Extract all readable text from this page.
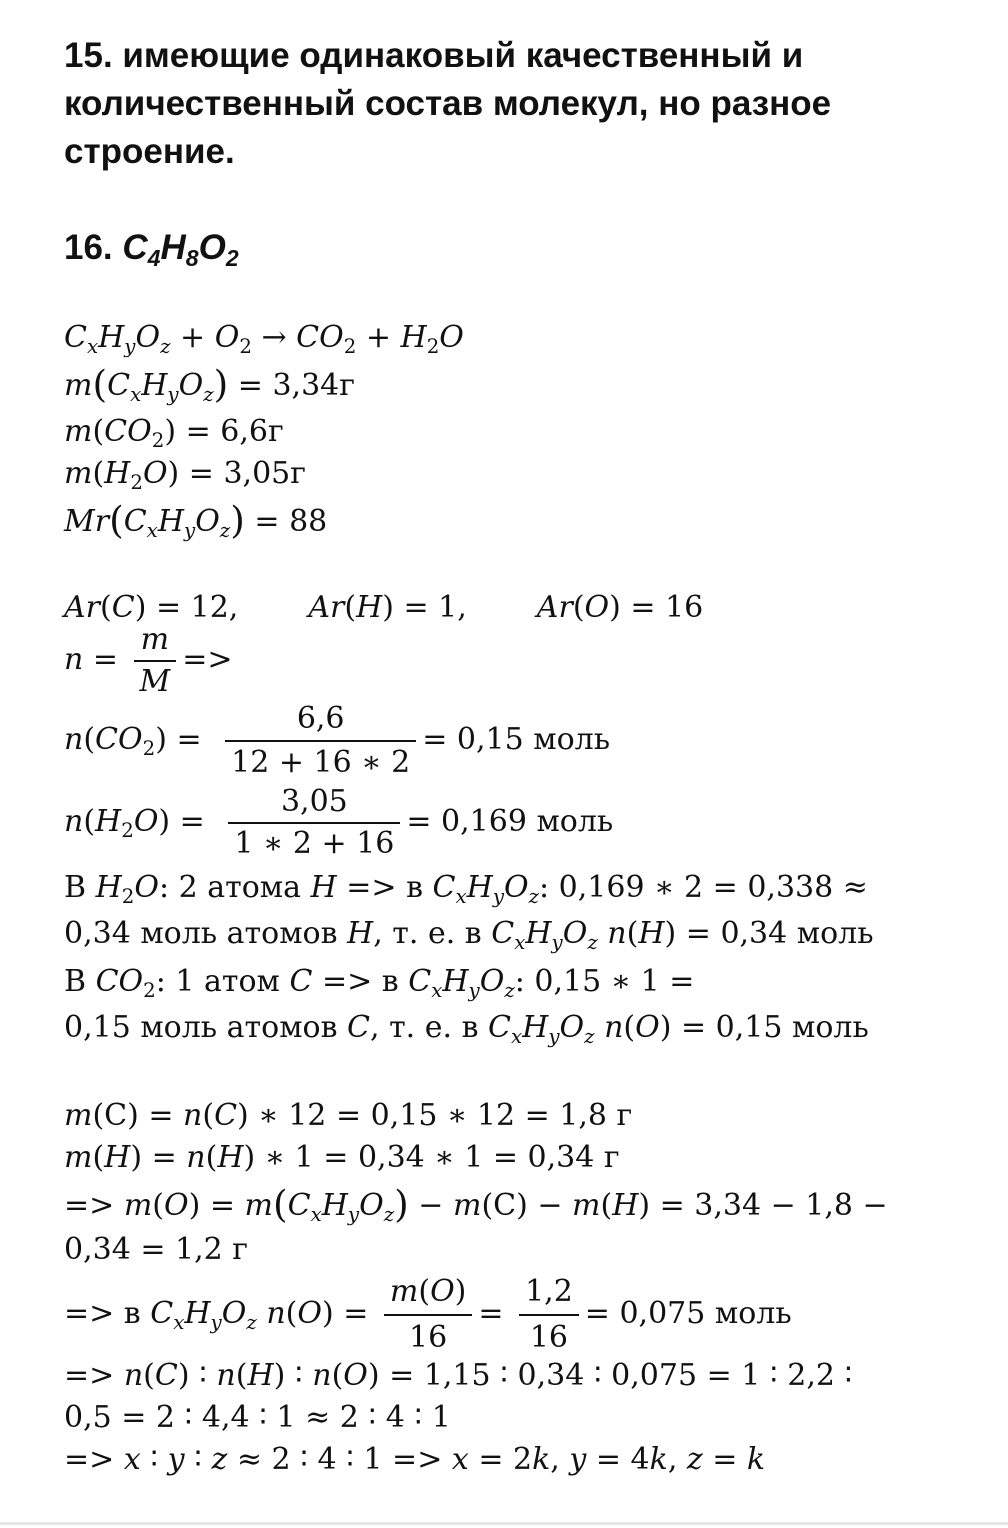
15. имеющие одинаковый качественный и
количественный состав молекул, но разное
строение.
16. $C_4H_8O_2$
$C_xH_yO_z + O_2 \to CO_2 + H_2O$
$m(C_xH_yO_z) = 3,34г$
$m(CO_2) = 6,6г$
$m(H_2O) = 3,05г$
$Mr(C_xH_yO_z) = 88$
Ar(C) = 12, Ar(H) = 1, Ar(O) = 16
$n = \frac{m}{M}$ =>
$n(CO_2) = \frac{6,6}{12 + 16 ∗ 2} = 0,15$ моль
$n(H_2O) = \frac{3,05}{1 ∗ 2 + 16} = 0,169$ моль
В $H_2O$: 2 атома H => в $C_xH_yO_z$: 0,169 ∗ 2 = 0,338 ≈
0,34 моль атомов H, т. е. в $C_xH_yO_z$ n(H) = 0,34 моль
В $CO_2$: 1 атом C => в $C_xH_yO_z$: 0,15 ∗ 1 =
0,15 моль атомов C, т. е. в $C_xH_yO_z$ n(O) = 0,15 моль
m(C) = n(C) ∗ 12 = 0,15 ∗ 12 = 1,8 г
m(H) = n(H) ∗ 1 = 0,34 ∗ 1 = 0,34 г
=> $m(O) = m(C_xH_yO_z) - m(C) - m(H) = 3,34 - 1,8$ −
0,34 = 1,2 г
=> в $C_xH_yO_z$ $n(O) = \frac{m(O)}{16} = \frac{1,2}{16} = 0,075$ моль
=> n(C) ∶ n(H) ∶ n(O) = 1,15 ∶ 0,34 ∶ 0,075 = 1 ∶ 2,2 ∶
0,5 = 2 ∶ 4,4 ∶ 1 ≈ 2 ∶ 4 ∶ 1
=> x ∶ y ∶ z ≈ 2 ∶ 4 ∶ 1 => x = 2k, y = 4k, z = k
